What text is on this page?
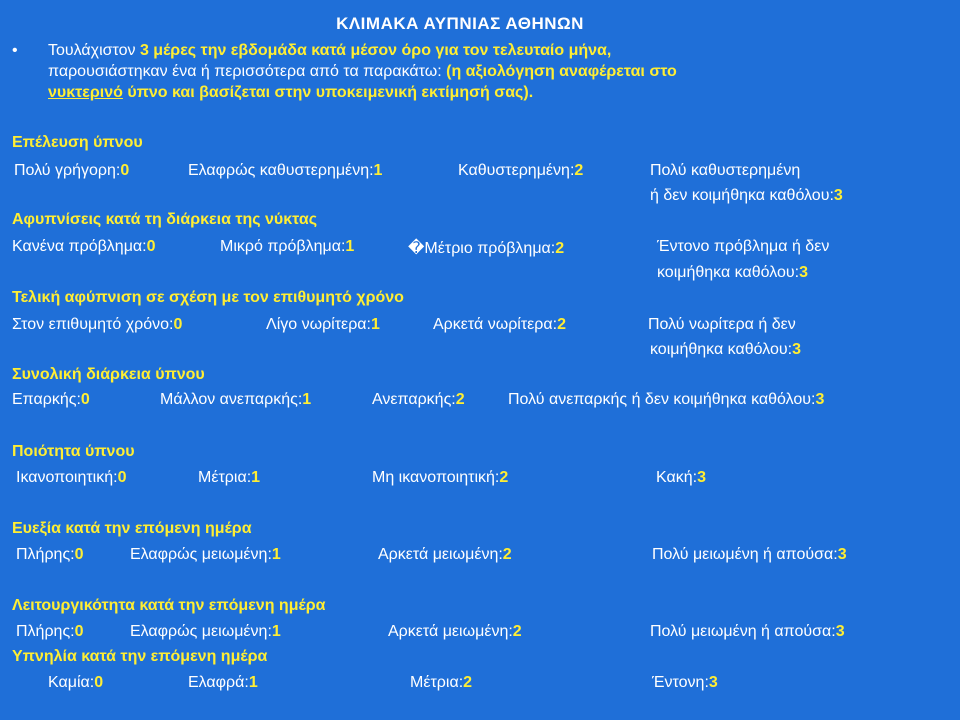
ΚΛΙΜΑΚΑ ΑΥΠΝΙΑΣ ΑΘΗΝΩΝ
• Τουλάχιστον 3 μέρες την εβδομάδα κατά μέσον όρο για τον τελευταίο μήνα,
παρουσιάστηκαν ένα ή περισσότερα από τα παρακάτω: (η αξιολόγηση αναφέρεται στο
νυκτερινό ύπνο και βασίζεται στην υποκειμενική εκτίμησή σας).
Επέλευση ύπνου
Πολύ γρήγορη:0	Ελαφρώς καθυστερημένη:1	Καθυστερημένη:2	Πολύ καθυστερημένη
ή δεν κοιμήθηκα καθόλου:3
Αφυπνίσεις κατά τη διάρκεια της νύκτας
Κανένα πρόβλημα:0	Μικρό πρόβλημα:1	�Μέτριο πρόβλημα:2	Έντονο πρόβλημα ή δεν
κοιμήθηκα καθόλου:3
Τελική αφύπνιση σε σχέση με τον επιθυμητό χρόνο
Στον επιθυμητό χρόνο:0	Λίγο νωρίτερα:1	Αρκετά νωρίτερα:2	Πολύ νωρίτερα ή δεν
κοιμήθηκα καθόλου:3
Συνολική διάρκεια ύπνου
Επαρκής:0	Μάλλον ανεπαρκής:1	Ανεπαρκής:2	Πολύ ανεπαρκής ή δεν κοιμήθηκα καθόλου:3
Ποιότητα ύπνου
Ικανοποιητική:0	Μέτρια:1	Μη ικανοποιητική:2	Κακή:3
Ευεξία κατά την επόμενη ημέρα
Πλήρης:0	Ελαφρώς μειωμένη:1	Αρκετά μειωμένη:2	Πολύ μειωμένη ή απούσα:3
Λειτουργικότητα κατά την επόμενη ημέρα
Πλήρης:0	Ελαφρώς μειωμένη:1	Αρκετά μειωμένη:2	Πολύ μειωμένη ή απούσα:3
Υπνηλία κατά την επόμενη ημέρα
Καμία:0	Ελαφρά:1	Μέτρια:2	Έντονη:3
